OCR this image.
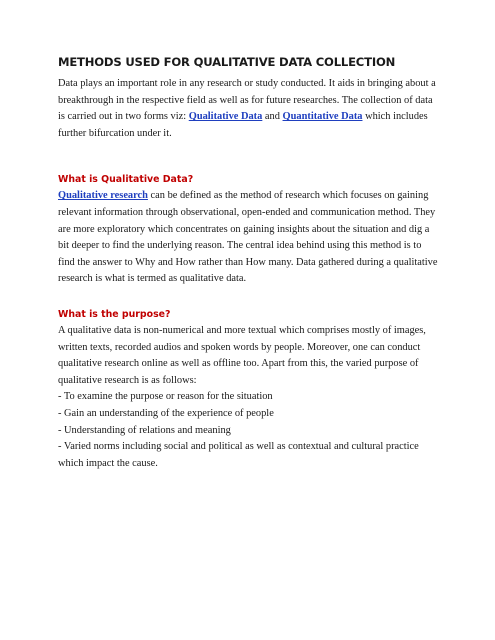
METHODS USED FOR QUALITATIVE DATA COLLECTION

Data plays an important role in any research or study conducted. It aids in bringing about a breakthrough in the respective field as well as for future researches. The collection of data is carried out in two forms viz: Qualitative Data and Quantitative Data which includes further bifurcation under it.

What is Qualitative Data?

Qualitative research can be defined as the method of research which focuses on gaining relevant information through observational, open-ended and communication method. They are more exploratory which concentrates on gaining insights about the situation and dig a bit deeper to find the underlying reason. The central idea behind using this method is to find the answer to Why and How rather than How many. Data gathered during a qualitative research is what is termed as qualitative data.

What is the purpose?

A qualitative data is non-numerical and more textual which comprises mostly of images, written texts, recorded audios and spoken words by people. Moreover, one can conduct qualitative research online as well as offline too. Apart from this, the varied purpose of qualitative research is as follows:

- To examine the purpose or reason for the situation
- Gain an understanding of the experience of people
- Understanding of relations and meaning
- Varied norms including social and political as well as contextual and cultural practice which impact the cause.
